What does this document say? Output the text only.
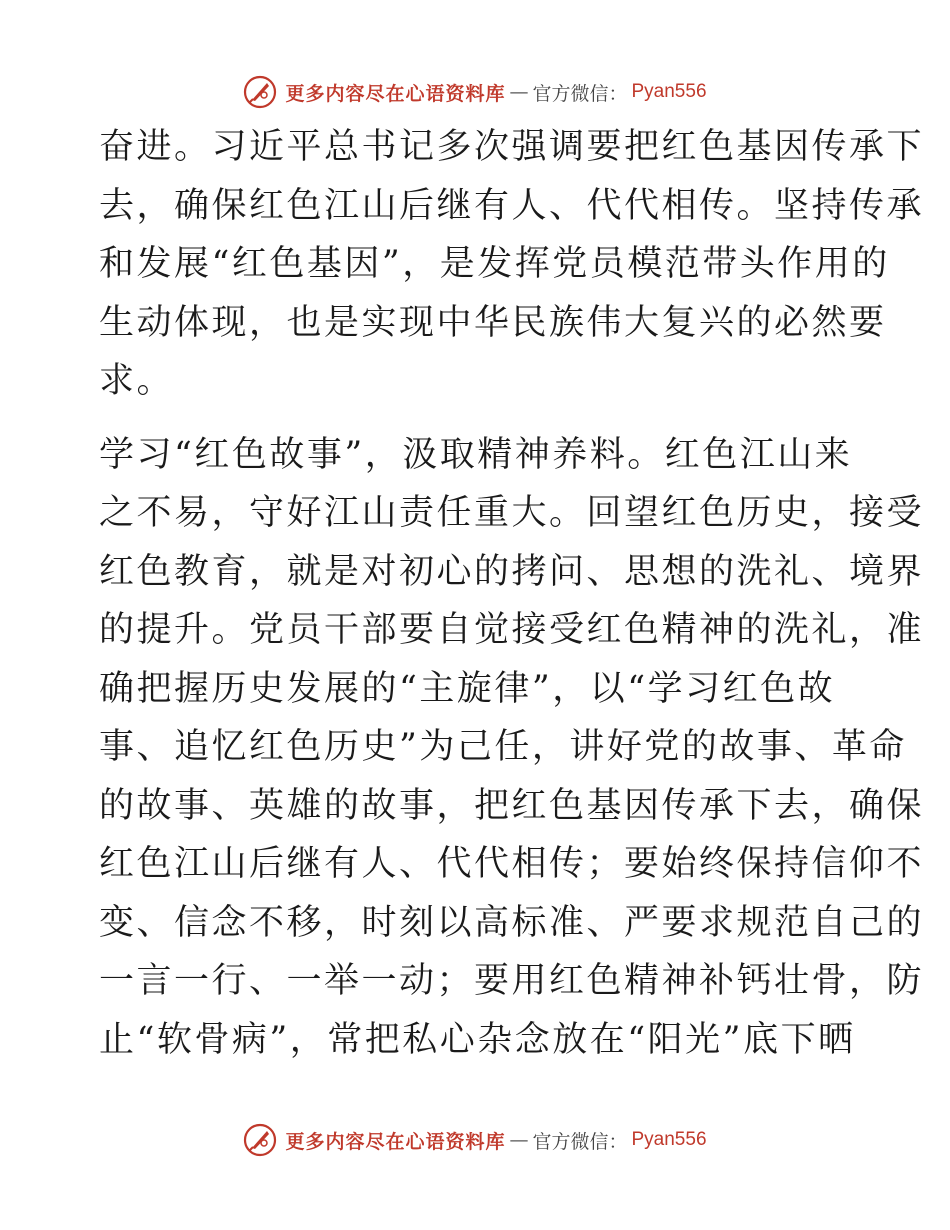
更多内容尽在心语资料库 — 官方微信： Pyan556
奋进。习近平总书记多次强调要把红色基因传承下
去，确保红色江山后继有人、代代相传。坚持传承
和发展“红色基因”，是发挥党员模范带头作用的
生动体现，也是实现中华民族伟大复兴的必然要
求。
学习“红色故事”，汲取精神养料。红色江山来
之不易，守好江山责任重大。回望红色历史，接受
红色教育，就是对初心的拷问、思想的洗礼、境界
的提升。党员干部要自觉接受红色精神的洗礼，准
确把握历史发展的“主旋律”，以“学习红色故
事、追忆红色历史”为己任，讲好党的故事、革命
的故事、英雄的故事，把红色基因传承下去，确保
红色江山后继有人、代代相传；要始终保持信仰不
变、信念不移，时刻以高标准、严要求规范自己的
一言一行、一举一动；要用红色精神补钙壮骨，防
止“软骨病”，常把私心杂念放在“阳光”底下晒
更多内容尽在心语资料库 — 官方微信： Pyan556
